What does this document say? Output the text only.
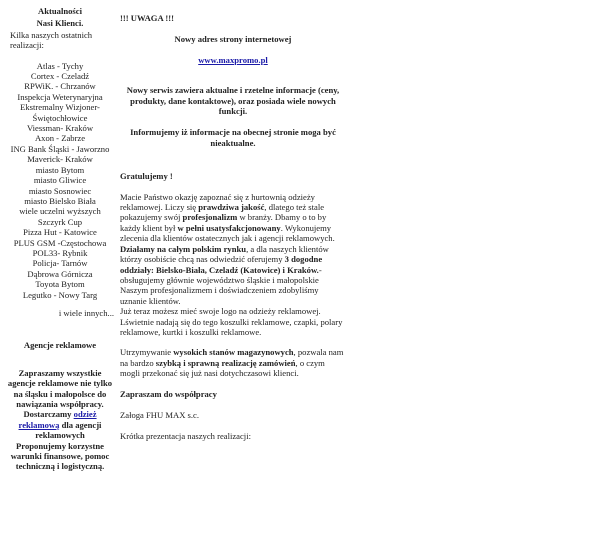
Aktualności
Nasi Klienci.
Kilka naszych ostatnich realizacji:
Atlas - Tychy
Cortex - Czeladź
RPWiK. - Chrzanów
Inspekcja Weterynaryjna
Ekstremalny Wizjoner- Świętochłowice
Viessman- Kraków
Axon - Zabrze
ING Bank Śląski - Jaworzno
Maverick- Kraków
miasto Bytom
miasto Gliwice
miasto Sosnowiec
miasto Bielsko Biała
wiele uczelni wyższych
Szczyrk Cup
Pizza Hut - Katowice
PLUS GSM -Częstochowa
POL33- Rybnik
Policja- Tarnów
Dąbrowa Górnicza
Toyota Bytom
Legutko - Nowy Targ
i wiele innych...
Agencje reklamowe
Zapraszamy wszystkie agencje reklamowe nie tylko na śląsku i małopolsce do nawiązania współpracy.
Dostarczamy odzież reklamową dla agencji reklamowych
Proponujemy korzystne warunki finansowe, pomoc techniczną i logistyczną.
!!! UWAGA !!!
Nowy adres strony internetowej
www.maxpromo.pl
Nowy serwis zawiera aktualne i rzetelne informacje (ceny, produkty, dane kontaktowe), oraz posiada wiele nowych funkcji.
Informujemy iż informacje na obecnej stronie moga być nieaktualne.
Gratulujemy !
Macie Państwo okazję zapoznać się z hurtownią odzieży reklamowej. Liczy się prawdziwa jakość, dlatego też stale pokazujemy swój profesjonalizm w branży. Dbamy o to by każdy klient był w pełni usatysfakcjonowany. Wykonujemy zlecenia dla klientów ostatecznych jak i agencji reklamowych. Działamy na całym polskim rynku, a dla naszych klientów którzy osobiście chcą nas odwiedzić oferujemy 3 dogodne oddziały: Bielsko-Biała, Czeladź (Katowice) i Kraków.- obsługujemy głównie województwo śląskie i małopolskie
Naszym profesjonalizmem i doświadczeniem zdobyliśmy uznanie klientów.
Już teraz możesz mieć swoje logo na odzieży reklamowej. Lświetnie nadają się do tego koszulki reklamowe, czapki, polary reklamowe, kurtki i koszulki reklamowe.
Utrzymywanie wysokich stanów magazynowych, pozwala nam na bardzo szybką i sprawną realizację zamówień, o czym mogli przekonać się już nasi dotychczasowi klienci.
Zapraszam do współpracy
Załoga FHU MAX s.c.
Krótka prezentacja naszych realizacji:
